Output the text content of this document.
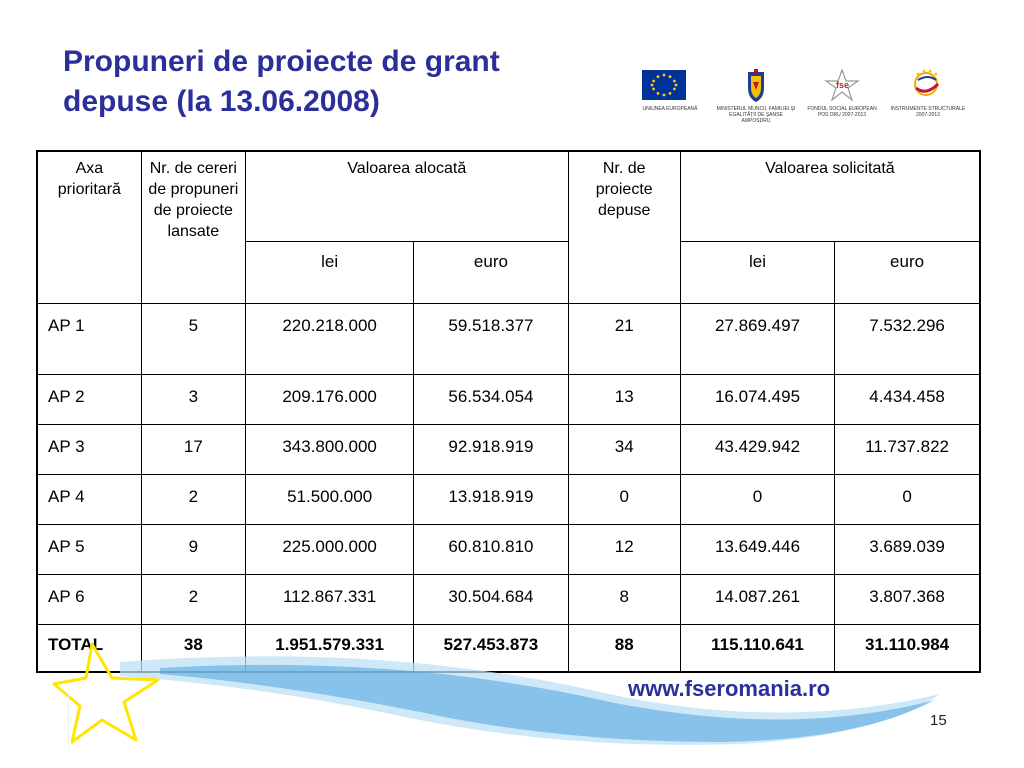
Propuneri de proiecte de grant
depuse (la 13.06.2008)	UNIUNEA EUROPEANĂ	MINISTERUL MUNCII, FAMILIEI ŞI EGALITĂŢII DE ŞANSE AMPOSDRU
fse
FONDUL SOCIAL EUROPEAN POS DRU 2007-2013
INSTRUMENTE STRUCTURALE 2007-2013
Axa prioritară	Nr. de cereri de propuneri de proiecte lansate	Valoarea alocată		Nr. de proiecte depuse	Valoarea solicitată	
		lei	euro		lei	euro
AP 1	5	220.218.000	59.518.377	21	27.869.497	7.532.296
AP 2	3	209.176.000	56.534.054	13	16.074.495	4.434.458
AP 3	17	343.800.000	92.918.919	34	43.429.942	11.737.822
AP 4	2	51.500.000	13.918.919	0	0	0
AP 5	9	225.000.000	60.810.810	12	13.649.446	3.689.039
AP 6	2	112.867.331	30.504.684	8	14.087.261	3.807.368
TOTAL	38	1.951.579.331	527.453.873	88	115.110.641	31.110.984
www.fseromania.ro
15
